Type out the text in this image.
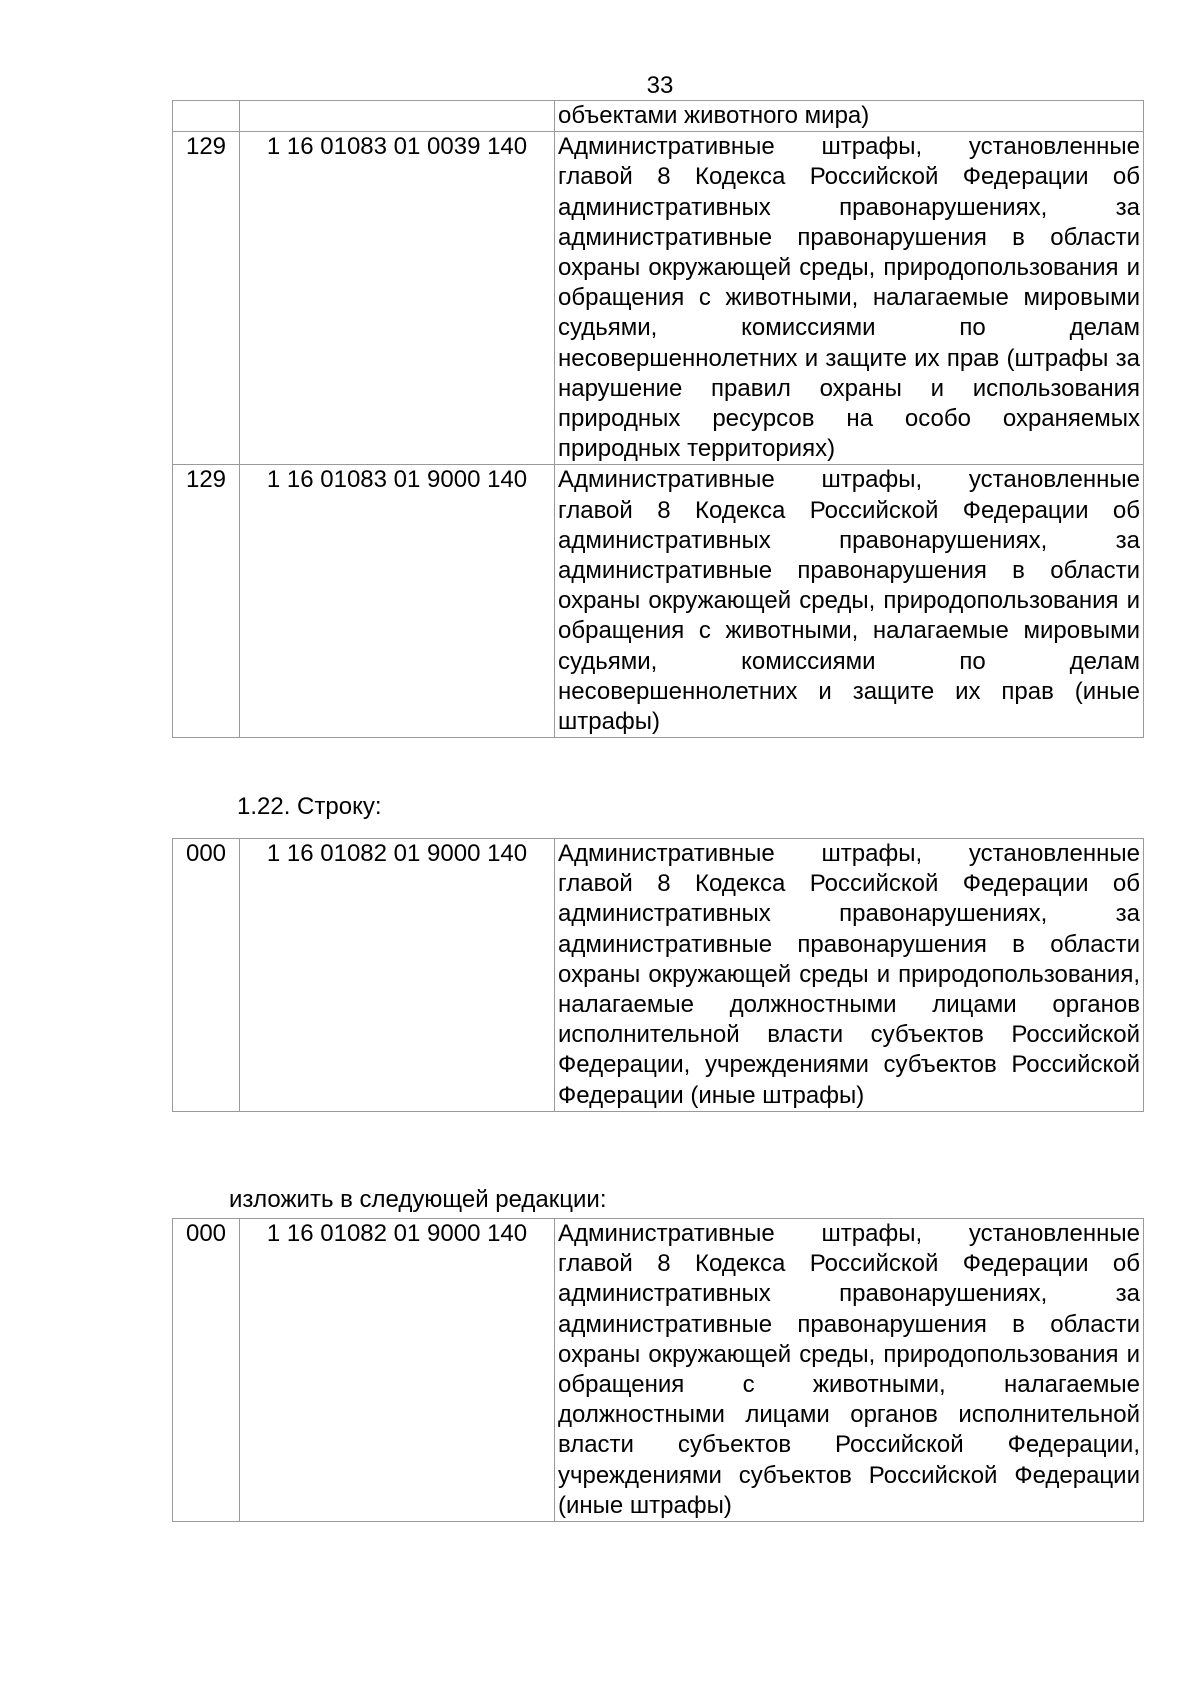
33
		объектами животного мира)
129	1 16 01083 01 0039 140	Административные штрафы, установленные главой 8 Кодекса Российской Федерации об административных правонарушениях, за административные правонарушения в области охраны окружающей среды, природопользования и обращения с животными, налагаемые мировыми судьями, комиссиями по делам несовершеннолетних и защите их прав (штрафы за нарушение правил охраны и использования природных ресурсов на особо охраняемых природных территориях)
129	1 16 01083 01 9000 140	Административные штрафы, установленные главой 8 Кодекса Российской Федерации об административных правонарушениях, за административные правонарушения в области охраны окружающей среды, природопользования и обращения с животными, налагаемые мировыми судьями, комиссиями по делам несовершеннолетних и защите их прав (иные штрафы)
1.22. Строку:
000	1 16 01082 01 9000 140	Административные штрафы, установленные главой 8 Кодекса Российской Федерации об административных правонарушениях, за административные правонарушения в области охраны окружающей среды и природопользования, налагаемые должностными лицами органов исполнительной власти субъектов Российской Федерации, учреждениями субъектов Российской Федерации (иные штрафы)
изложить в следующей редакции:
000	1 16 01082 01 9000 140	Административные штрафы, установленные главой 8 Кодекса Российской Федерации об административных правонарушениях, за административные правонарушения в области охраны окружающей среды, природопользования и обращения с животными, налагаемые должностными лицами органов исполнительной власти субъектов Российской Федерации, учреждениями субъектов Российской Федерации (иные штрафы)
